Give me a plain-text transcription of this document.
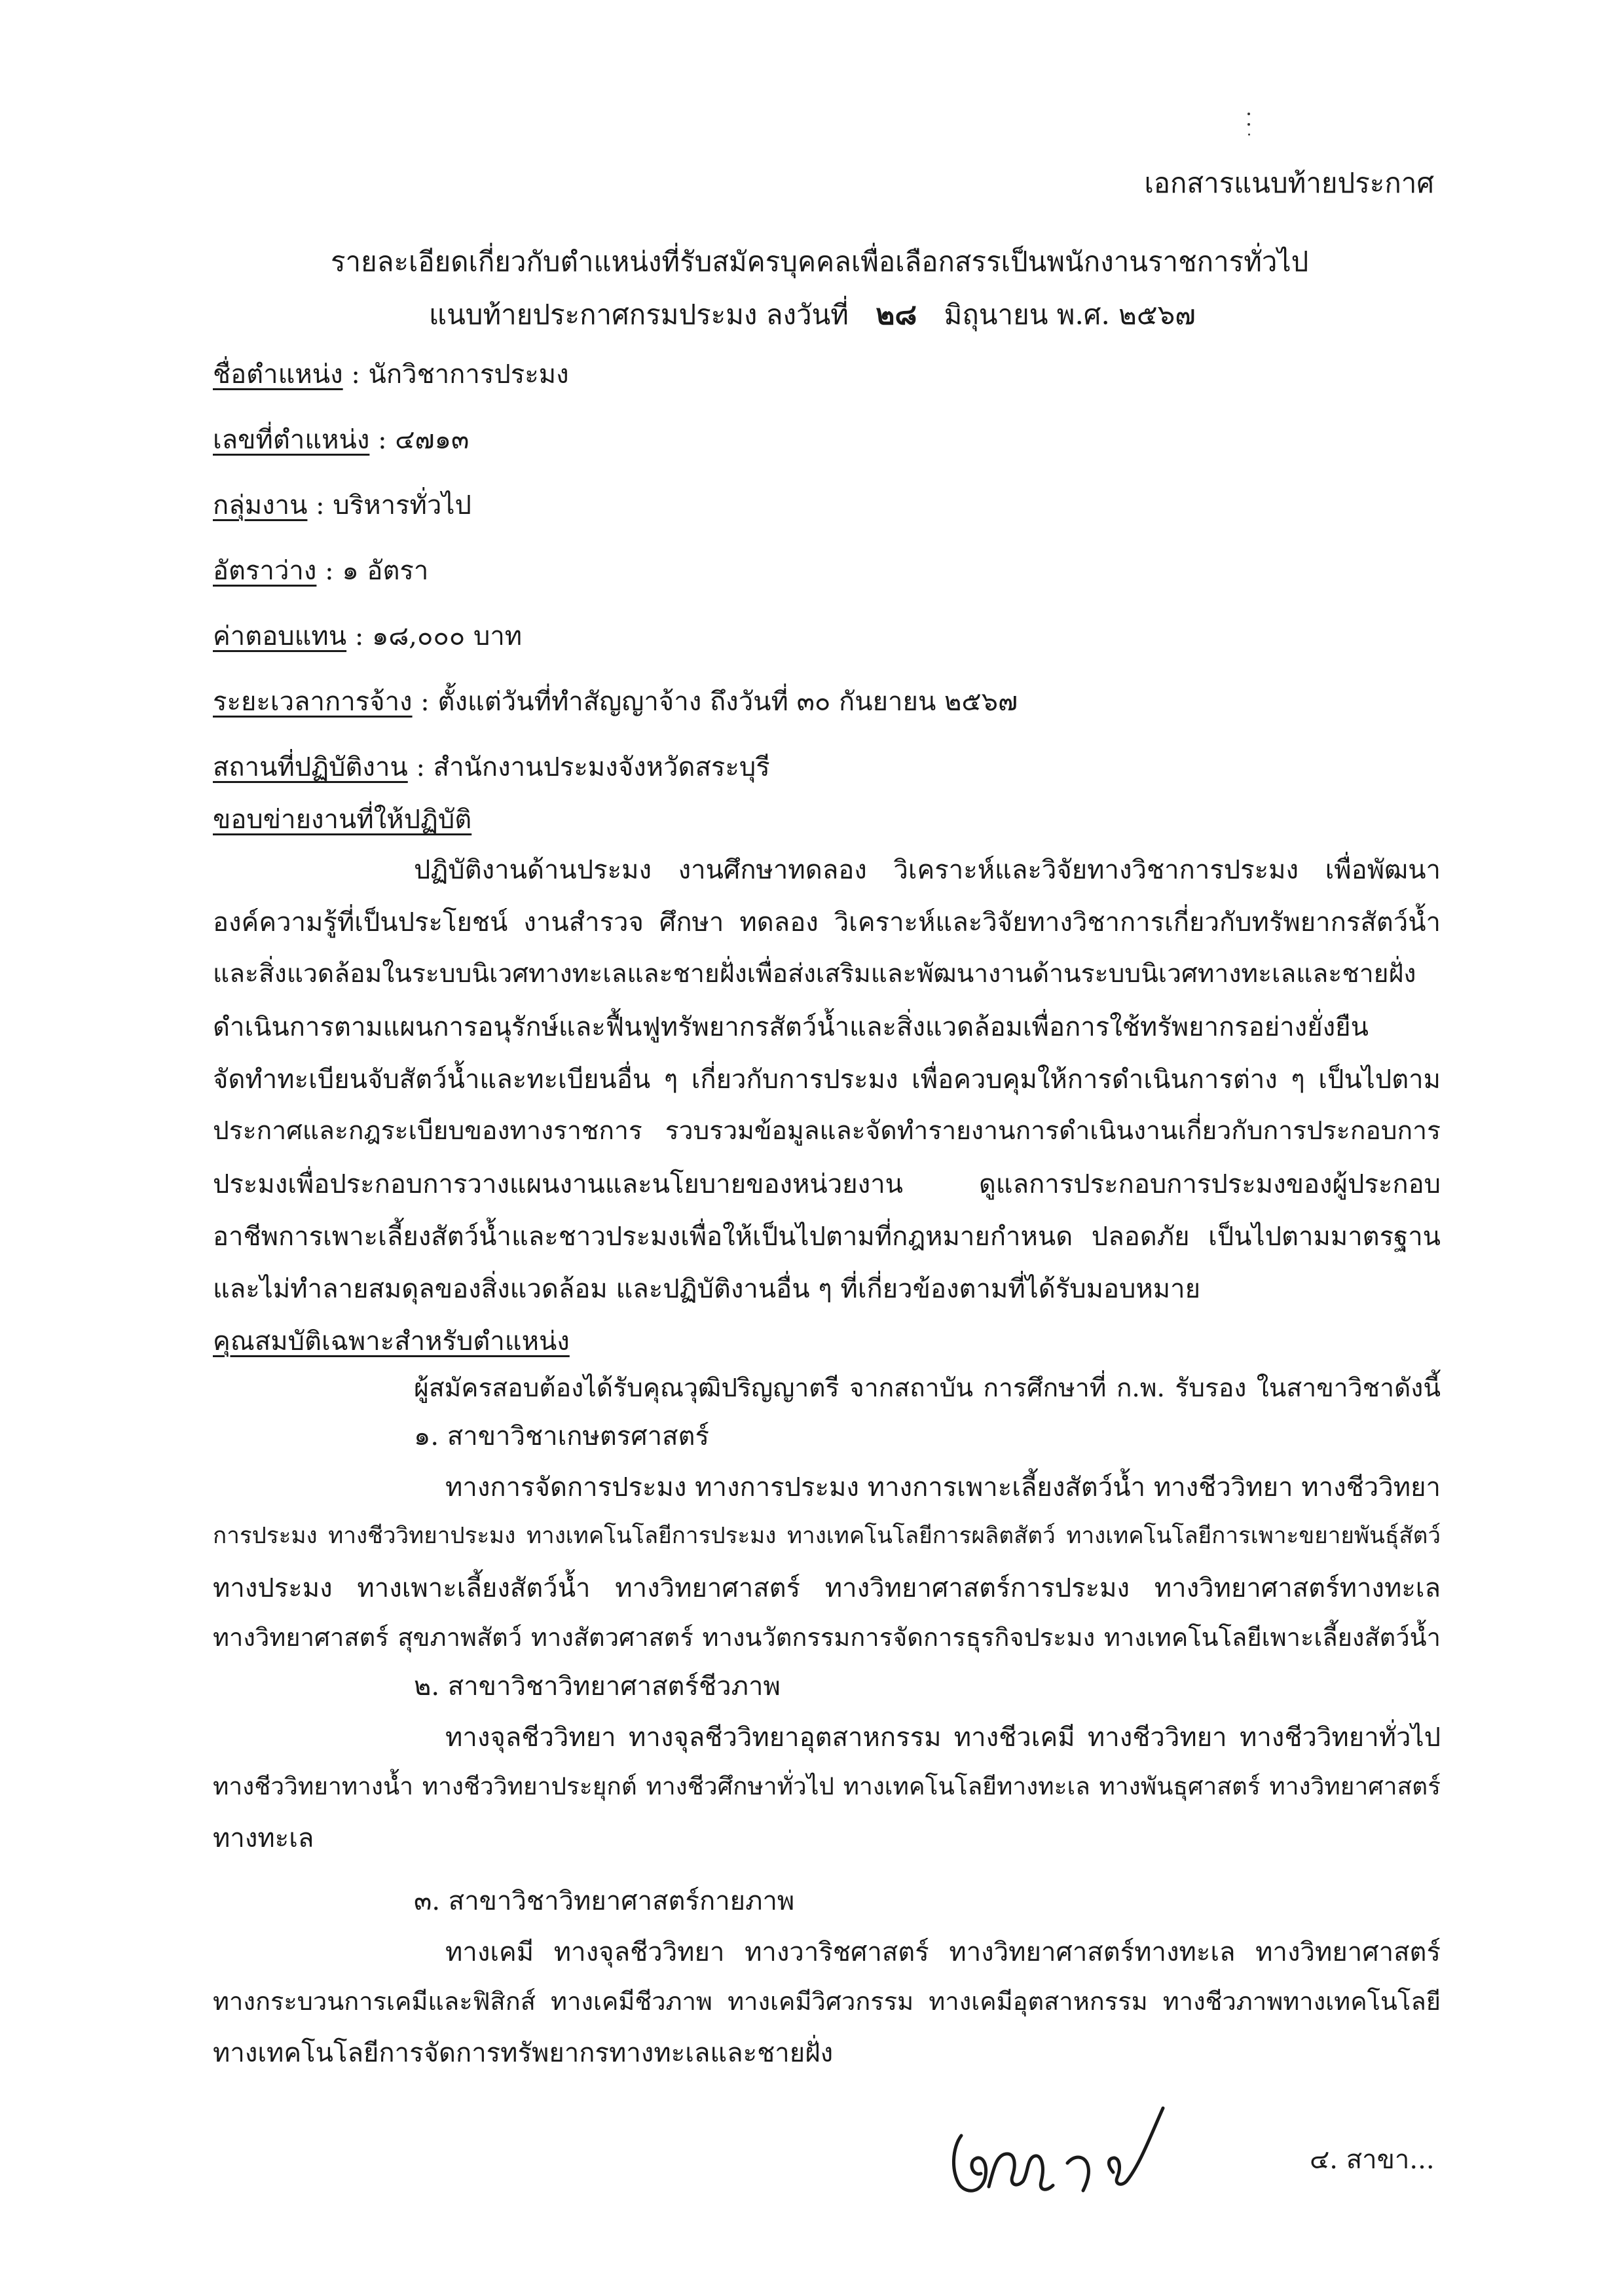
เอกสารแนบท้ายประกาศ
รายละเอียดเกี่ยวกับตำแหน่งที่รับสมัครบุคคลเพื่อเลือกสรรเป็นพนักงานราชการทั่วไป
แนบท้ายประกาศกรมประมง ลงวันที่ ๒๘ มิถุนายน พ.ศ. ๒๕๖๗
ชื่อตำแหน่ง : นักวิชาการประมง
เลขที่ตำแหน่ง : ๔๗๑๓
กลุ่มงาน : บริหารทั่วไป
อัตราว่าง : ๑ อัตรา
ค่าตอบแทน : ๑๘,๐๐๐ บาท
ระยะเวลาการจ้าง : ตั้งแต่วันที่ทำสัญญาจ้าง ถึงวันที่ ๓๐ กันยายน ๒๕๖๗
สถานที่ปฏิบัติงาน : สำนักงานประมงจังหวัดสระบุรี
ขอบข่ายงานที่ให้ปฏิบัติ
ปฏิบัติงานด้านประมง งานศึกษาทดลอง วิเคราะห์และวิจัยทางวิชาการประมง เพื่อพัฒนา
องค์ความรู้ที่เป็นประโยชน์ งานสำรวจ ศึกษา ทดลอง วิเคราะห์และวิจัยทางวิชาการเกี่ยวกับทรัพยากรสัตว์น้ำ
และสิ่งแวดล้อมในระบบนิเวศทางทะเลและชายฝั่งเพื่อส่งเสริมและพัฒนางานด้านระบบนิเวศทางทะเลและชายฝั่ง
ดำเนินการตามแผนการอนุรักษ์และฟื้นฟูทรัพยากรสัตว์น้ำและสิ่งแวดล้อมเพื่อการใช้ทรัพยากรอย่างยั่งยืน
จัดทำทะเบียนจับสัตว์น้ำและทะเบียนอื่น ๆ เกี่ยวกับการประมง เพื่อควบคุมให้การดำเนินการต่าง ๆ เป็นไปตาม
ประกาศและกฎระเบียบของทางราชการ รวบรวมข้อมูลและจัดทำรายงานการดำเนินงานเกี่ยวกับการประกอบการ
ประมงเพื่อประกอบการวางแผนงานและนโยบายของหน่วยงาน ดูแลการประกอบการประมงของผู้ประกอบ
อาชีพการเพาะเลี้ยงสัตว์น้ำและชาวประมงเพื่อให้เป็นไปตามที่กฎหมายกำหนด ปลอดภัย เป็นไปตามมาตรฐาน
และไม่ทำลายสมดุลของสิ่งแวดล้อม และปฏิบัติงานอื่น ๆ ที่เกี่ยวข้องตามที่ได้รับมอบหมาย
คุณสมบัติเฉพาะสำหรับตำแหน่ง
ผู้สมัครสอบต้องได้รับคุณวุฒิปริญญาตรี จากสถาบัน การศึกษาที่ ก.พ. รับรอง ในสาขาวิชาดังนี้
๑. สาขาวิชาเกษตรศาสตร์
ทางการจัดการประมง ทางการประมง ทางการเพาะเลี้ยงสัตว์น้ำ ทางชีววิทยา ทางชีววิทยา
การประมง ทางชีววิทยาประมง ทางเทคโนโลยีการประมง ทางเทคโนโลยีการผลิตสัตว์ ทางเทคโนโลยีการเพาะขยายพันธุ์สัตว์
ทางประมง ทางเพาะเลี้ยงสัตว์น้ำ ทางวิทยาศาสตร์ ทางวิทยาศาสตร์การประมง ทางวิทยาศาสตร์ทางทะเล
ทางวิทยาศาสตร์ สุขภาพสัตว์ ทางสัตวศาสตร์ ทางนวัตกรรมการจัดการธุรกิจประมง ทางเทคโนโลยีเพาะเลี้ยงสัตว์น้ำ
๒. สาขาวิชาวิทยาศาสตร์ชีวภาพ
ทางจุลชีววิทยา ทางจุลชีววิทยาอุตสาหกรรม ทางชีวเคมี ทางชีววิทยา ทางชีววิทยาทั่วไป
ทางชีววิทยาทางน้ำ ทางชีววิทยาประยุกต์ ทางชีวศึกษาทั่วไป ทางเทคโนโลยีทางทะเล ทางพันธุศาสตร์ ทางวิทยาศาสตร์
ทางทะเล
๓. สาขาวิชาวิทยาศาสตร์กายภาพ
ทางเคมี ทางจุลชีววิทยา ทางวาริชศาสตร์ ทางวิทยาศาสตร์ทางทะเล ทางวิทยาศาสตร์
ทางกระบวนการเคมีและฟิสิกส์ ทางเคมีชีวภาพ ทางเคมีวิศวกรรม ทางเคมีอุตสาหกรรม ทางชีวภาพทางเทคโนโลยี
ทางเทคโนโลยีการจัดการทรัพยากรทางทะเลและชายฝั่ง
๔. สาขา...
